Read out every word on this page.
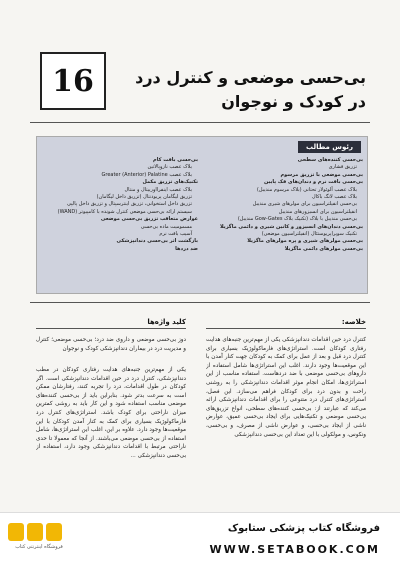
16	بی‌حسی موضعی و کنترل درد در کودک و نوجوان
رئوس مطالب
بی‌حسی کننده‌های سطحی
تزریق فشاری
بی‌حسی موضعی با تزریق مرسوم
بی‌حسی بافت نرم و دندان‌های فک پایین
بلاک عصب آلوئولار تحتانی (بلاک مرسوم مندیبل)
بلاک عصب لانگ باکال
بی‌حسی انفیلتراسیون برای مولرهای شیری مندیبل
انفیلتراسیون برای انسیزورهای مندیبل
بی‌حسی مندیبل با بلاک (تکنیک بلاک Gow-Gates مندیبل)
بی‌حسی دندان‌های انسیزور و کانین شیری و دائمی ماگزیلا
تکنیک سوپراپریوستئال (انفیلتراسیون موضعی)
بی‌حسی مولرهای شیری و پره مولرهای ماگزیلا
بی‌حسی مولرهای دائمی ماگزیلا
بی‌حسی بافت کام
بلاک عصب نازوپالاتین
بلاک عصب Greater (Anterior) Palatine
تکنیک‌های تزریق مکمل
بلاک عصب اینفرااوربیتال و منتال
تزریق لیگامان پریودنتال (تزریق داخل لیگامان)
تزریق داخل استخوانی، تزریق اینترسپتال و تزریق داخل پالپی
سیستم ارائه بی‌حسی موضعی کنترل شونده با کامپیوتر (WAND)
عوارض متعاقب تزریق بی‌حسی موضعی
مسمومیت ماده بی‌حسی
آسیب بافت نرم
بازگشت اثر بی‌حسی دندانپزشکی
ضد دردها
کلید واژه‌ها	خلاصه:
کنترل درد حین اقدامات دندانپزشکی یکی از مهم‌ترین جنبه‌های هدایت رفتاری کودکان است. استراتژی‌های فارماکولوژیک بسیاری برای کنترل درد قبل و بعد از عمل برای کمک به کودکان جهت کنار آمدن با این موقعیت‌ها وجود دارند. اغلب این استراتژی‌ها شامل استفاده از داروهای بی‌حسی موضعی با ضد دردهاست. استفاده مناسب از این استراتژی‌ها، امکان انجام موثر اقدامات دندانپزشکی را به روشنی راحت و بدون درد برای کودکان فراهم می‌سازد. این فصل، استراتژی‌های کنترل درد متنوعی را برای اقدامات دندانپزشکی ارائه می‌کند که عبارتند از: بی‌حسی کننده‌های سطحی، انواع تزریق‌های بی‌حسی موضعی و تکنیک‌هایی برای ایجاد بی‌حسی عمیق، عوارض ناشی از ایجاد بی‌حسی، و عوارض ناشی از مصرف، و بی‌حسی، ونکوس، و مولکولی با این تعداد این بی‌حسی دندانپزشکی
دوز بی‌حسی موضعی و داروی ضد درد؛ بی‌حسی موضعی؛ کنترل و مدیریت درد در بیماران دندانپزشکی کودک و نوجوان
یکی از مهم‌ترین جنبه‌های هدایت رفتاری کودکان در مطب دندانپزشکی، کنترل درد در حین اقدامات دندانپزشکی است. اگر کودکان در طول اقدامات، درد را تجربه کنند، رفتارشان ممکن است به سرعت بدتر شود. بنابراین باید از بی‌حسی کننده‌های موضعی مناسب استفاده شود و این کار باید به روشی کمترین میزان ناراحتی برای کودک باشد. استراتژی‌های کنترل درد فارماکولوژیک بسیاری برای کمک به کنار آمدن کودکان با این موقعیت‌ها وجود دارد. علاوه بر این، اغلب این استراتژی‌ها، شامل استفاده از بی‌حسی موضعی می‌باشند. از آنجا که معمولا تا حدی ناراحتی مرتبط با اقدامات دندانپزشکی وجود دارد، استفاده از بی‌حسی دندانپزشکی ...
فروشگاه اینترنتی کتاب
فروشگاه کتاب پزشکی ستابوک
WWW.SETABOOK.COM
